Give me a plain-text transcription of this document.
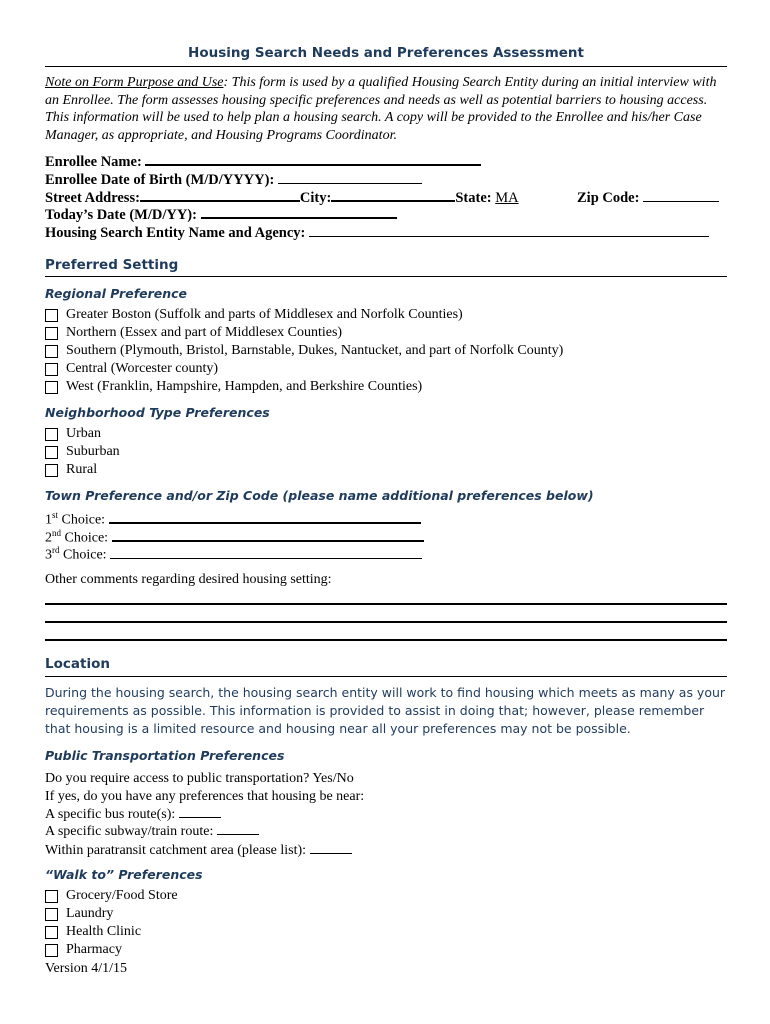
Housing Search Needs and Preferences Assessment
Note on Form Purpose and Use: This form is used by a qualified Housing Search Entity during an initial interview with an Enrollee. The form assesses housing specific preferences and needs as well as potential barriers to housing access. This information will be used to help plan a housing search. A copy will be provided to the Enrollee and his/her Case Manager, as appropriate, and Housing Programs Coordinator.
Enrollee Name:
Enrollee Date of Birth (M/D/YYYY):
Street Address:	City:	State: MA	Zip Code:
Today’s Date (M/D/YY):
Housing Search Entity Name and Agency:
Preferred Setting
Regional Preference
Greater Boston (Suffolk and parts of Middlesex and Norfolk Counties)
Northern (Essex and part of Middlesex Counties)
Southern (Plymouth, Bristol, Barnstable, Dukes, Nantucket, and part of Norfolk County)
Central (Worcester county)
West (Franklin, Hampshire, Hampden, and Berkshire Counties)
Neighborhood Type Preferences
Urban
Suburban
Rural
Town Preference and/or Zip Code (please name additional preferences below)
1st Choice:
2nd Choice:
3rd Choice:
Other comments regarding desired housing setting:
Location
During the housing search, the housing search entity will work to find housing which meets as many as your requirements as possible. This information is provided to assist in doing that; however, please remember that housing is a limited resource and housing near all your preferences may not be possible.
Public Transportation Preferences
Do you require access to public transportation? Yes/No
If yes, do you have any preferences that housing be near:
A specific bus route(s):
A specific subway/train route:
Within paratransit catchment area (please list):
“Walk to” Preferences
Grocery/Food Store
Laundry
Health Clinic
Pharmacy
Version 4/1/15
